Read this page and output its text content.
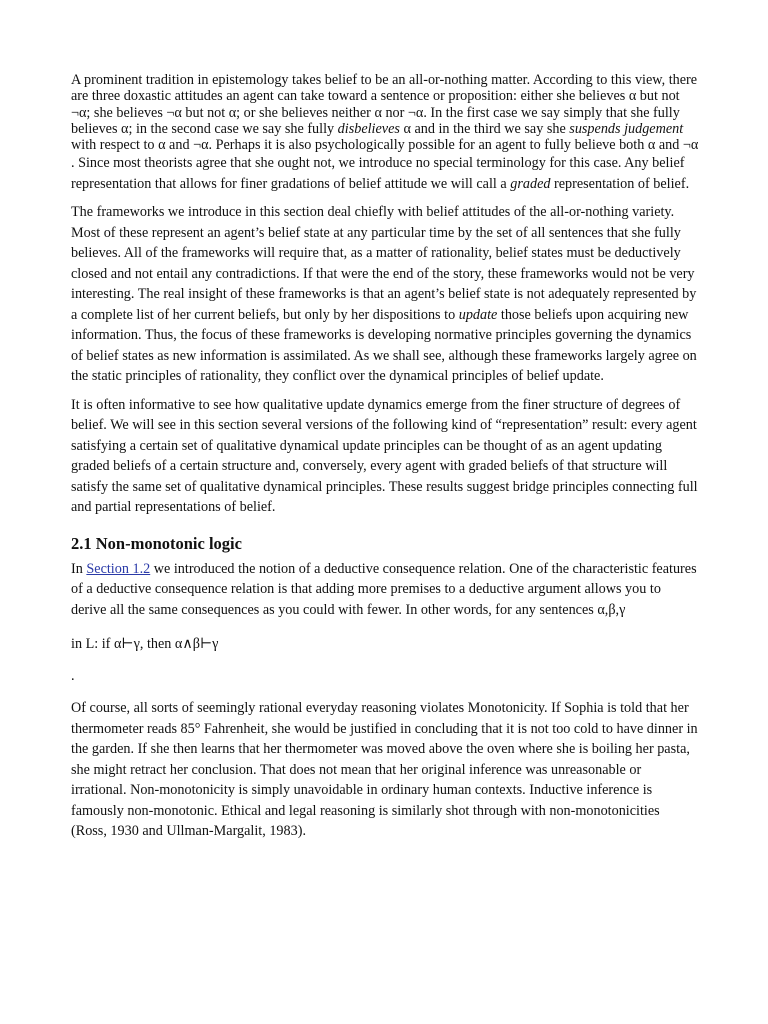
A prominent tradition in epistemology takes belief to be an all-or-nothing matter. According to this view, there are three doxastic attitudes an agent can take toward a sentence or proposition: either she believes α but not ¬α; she believes ¬α but not α; or she believes neither α nor ¬α. In the first case we say simply that she fully believes α; in the second case we say she fully disbelieves α and in the third we say she suspends judgement with respect to α and ¬α. Perhaps it is also psychologically possible for an agent to fully believe both α and ¬α

. Since most theorists agree that she ought not, we introduce no special terminology for this case. Any belief representation that allows for finer gradations of belief attitude we will call a graded representation of belief.

The frameworks we introduce in this section deal chiefly with belief attitudes of the all-or-nothing variety. Most of these represent an agent’s belief state at any particular time by the set of all sentences that she fully believes. All of the frameworks will require that, as a matter of rationality, belief states must be deductively closed and not entail any contradictions. If that were the end of the story, these frameworks would not be very interesting. The real insight of these frameworks is that an agent’s belief state is not adequately represented by a complete list of her current beliefs, but only by her dispositions to update those beliefs upon acquiring new information. Thus, the focus of these frameworks is developing normative principles governing the dynamics of belief states as new information is assimilated. As we shall see, although these frameworks largely agree on the static principles of rationality, they conflict over the dynamical principles of belief update.

It is often informative to see how qualitative update dynamics emerge from the finer structure of degrees of belief. We will see in this section several versions of the following kind of “representation” result: every agent satisfying a certain set of qualitative dynamical update principles can be thought of as an agent updating graded beliefs of a certain structure and, conversely, every agent with graded beliefs of that structure will satisfy the same set of qualitative dynamical principles. These results suggest bridge principles connecting full and partial representations of belief.

2.1 Non-monotonic logic

In Section 1.2 we introduced the notion of a deductive consequence relation. One of the characteristic features of a deductive consequence relation is that adding more premises to a deductive argument allows you to derive all the same consequences as you could with fewer. In other words, for any sentences α,β,γ

in L: if α⊢γ, then α∧β⊢γ

.

Of course, all sorts of seemingly rational everyday reasoning violates Monotonicity. If Sophia is told that her thermometer reads 85° Fahrenheit, she would be justified in concluding that it is not too cold to have dinner in the garden. If she then learns that her thermometer was moved above the oven where she is boiling her pasta, she might retract her conclusion. That does not mean that her original inference was unreasonable or irrational. Non-monotonicity is simply unavoidable in ordinary human contexts. Inductive inference is famously non-monotonic. Ethical and legal reasoning is similarly shot through with non-monotonicities (Ross, 1930 and Ullman-Margalit, 1983).
